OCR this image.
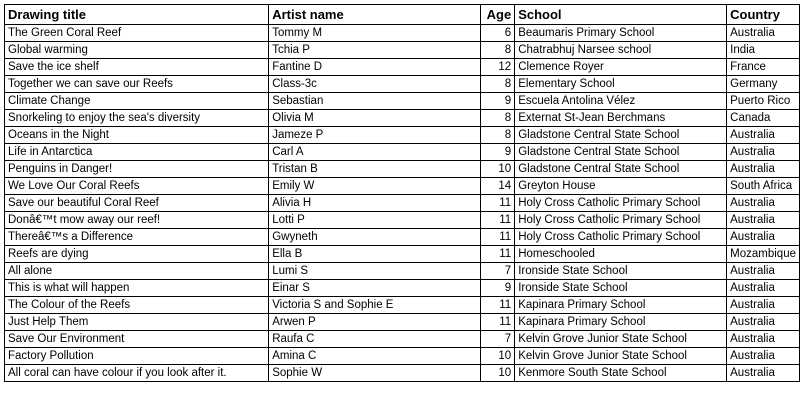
Drawing title	Artist name	Age	School	Country
The Green Coral Reef	Tommy M	6	Beaumaris Primary School	Australia
Global warming	Tchia P	8	Chatrabhuj Narsee school	India
Save the ice shelf	Fantine D	12	Clemence Royer	France
Together we can save our Reefs	Class-3c	8	Elementary School	Germany
Climate Change	Sebastian	9	Escuela Antolina Vélez	Puerto Rico
Snorkeling to enjoy the sea's diversity	Olivia M	8	Externat St-Jean Berchmans	Canada
Oceans in the Night	Jameze P	8	Gladstone Central State School	Australia
Life in Antarctica	Carl A	9	Gladstone Central State School	Australia
Penguins in Danger!	Tristan B	10	Gladstone Central State School	Australia
We Love Our Coral Reefs	Emily W	14	Greyton House	South Africa
Save our beautiful Coral Reef	Alivia H	11	Holy Cross Catholic Primary School	Australia
Donâ€™t mow away our reef!	Lotti P	11	Holy Cross Catholic Primary School	Australia
Thereâ€™s a Difference	Gwyneth	11	Holy Cross Catholic Primary School	Australia
Reefs are dying	Ella B	11	Homeschooled	Mozambique
All alone	Lumi S	7	Ironside State School	Australia
This is what will happen	Einar S	9	Ironside State School	Australia
The Colour of the Reefs	Victoria S and Sophie E	11	Kapinara Primary School	Australia
Just Help Them	Arwen P	11	Kapinara Primary School	Australia
Save Our Environment	Raufa C	7	Kelvin Grove Junior State School	Australia
Factory Pollution	Amina C	10	Kelvin Grove Junior State School	Australia
All coral can have colour if you look after it.	Sophie W	10	Kenmore South State School	Australia
